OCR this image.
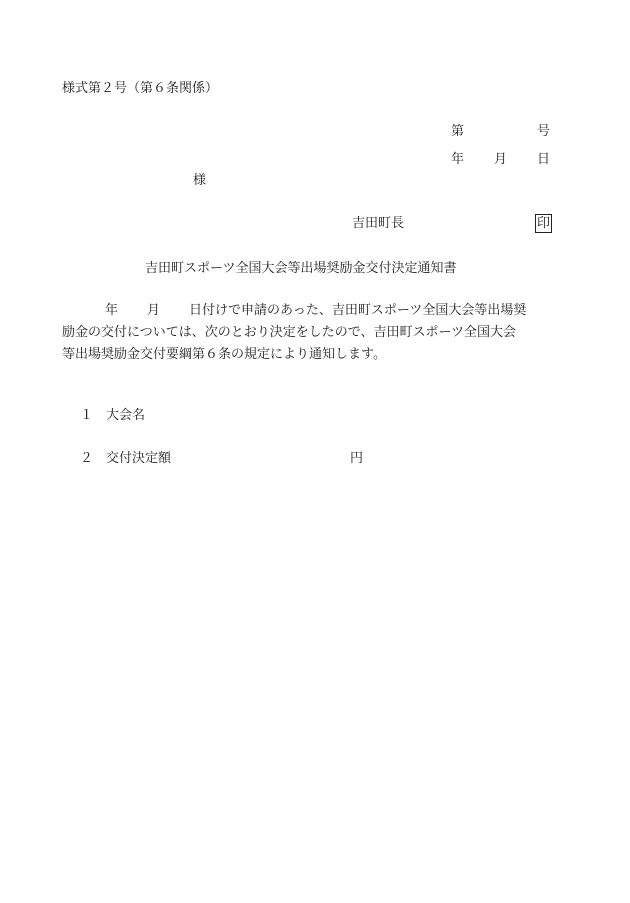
様式第２号（第６条関係）
第	号
年 月 日
様
吉田町長	印
吉田町スポーツ全国大会等出場奨励金交付決定通知書
年 月 日付けで申請のあった、吉田町スポーツ全国大会等出場奨
励金の交付については、次のとおり決定をしたので、吉田町スポーツ全国大会
等出場奨励金交付要綱第６条の規定により通知します。
１ 大会名
２ 交付決定額	円
